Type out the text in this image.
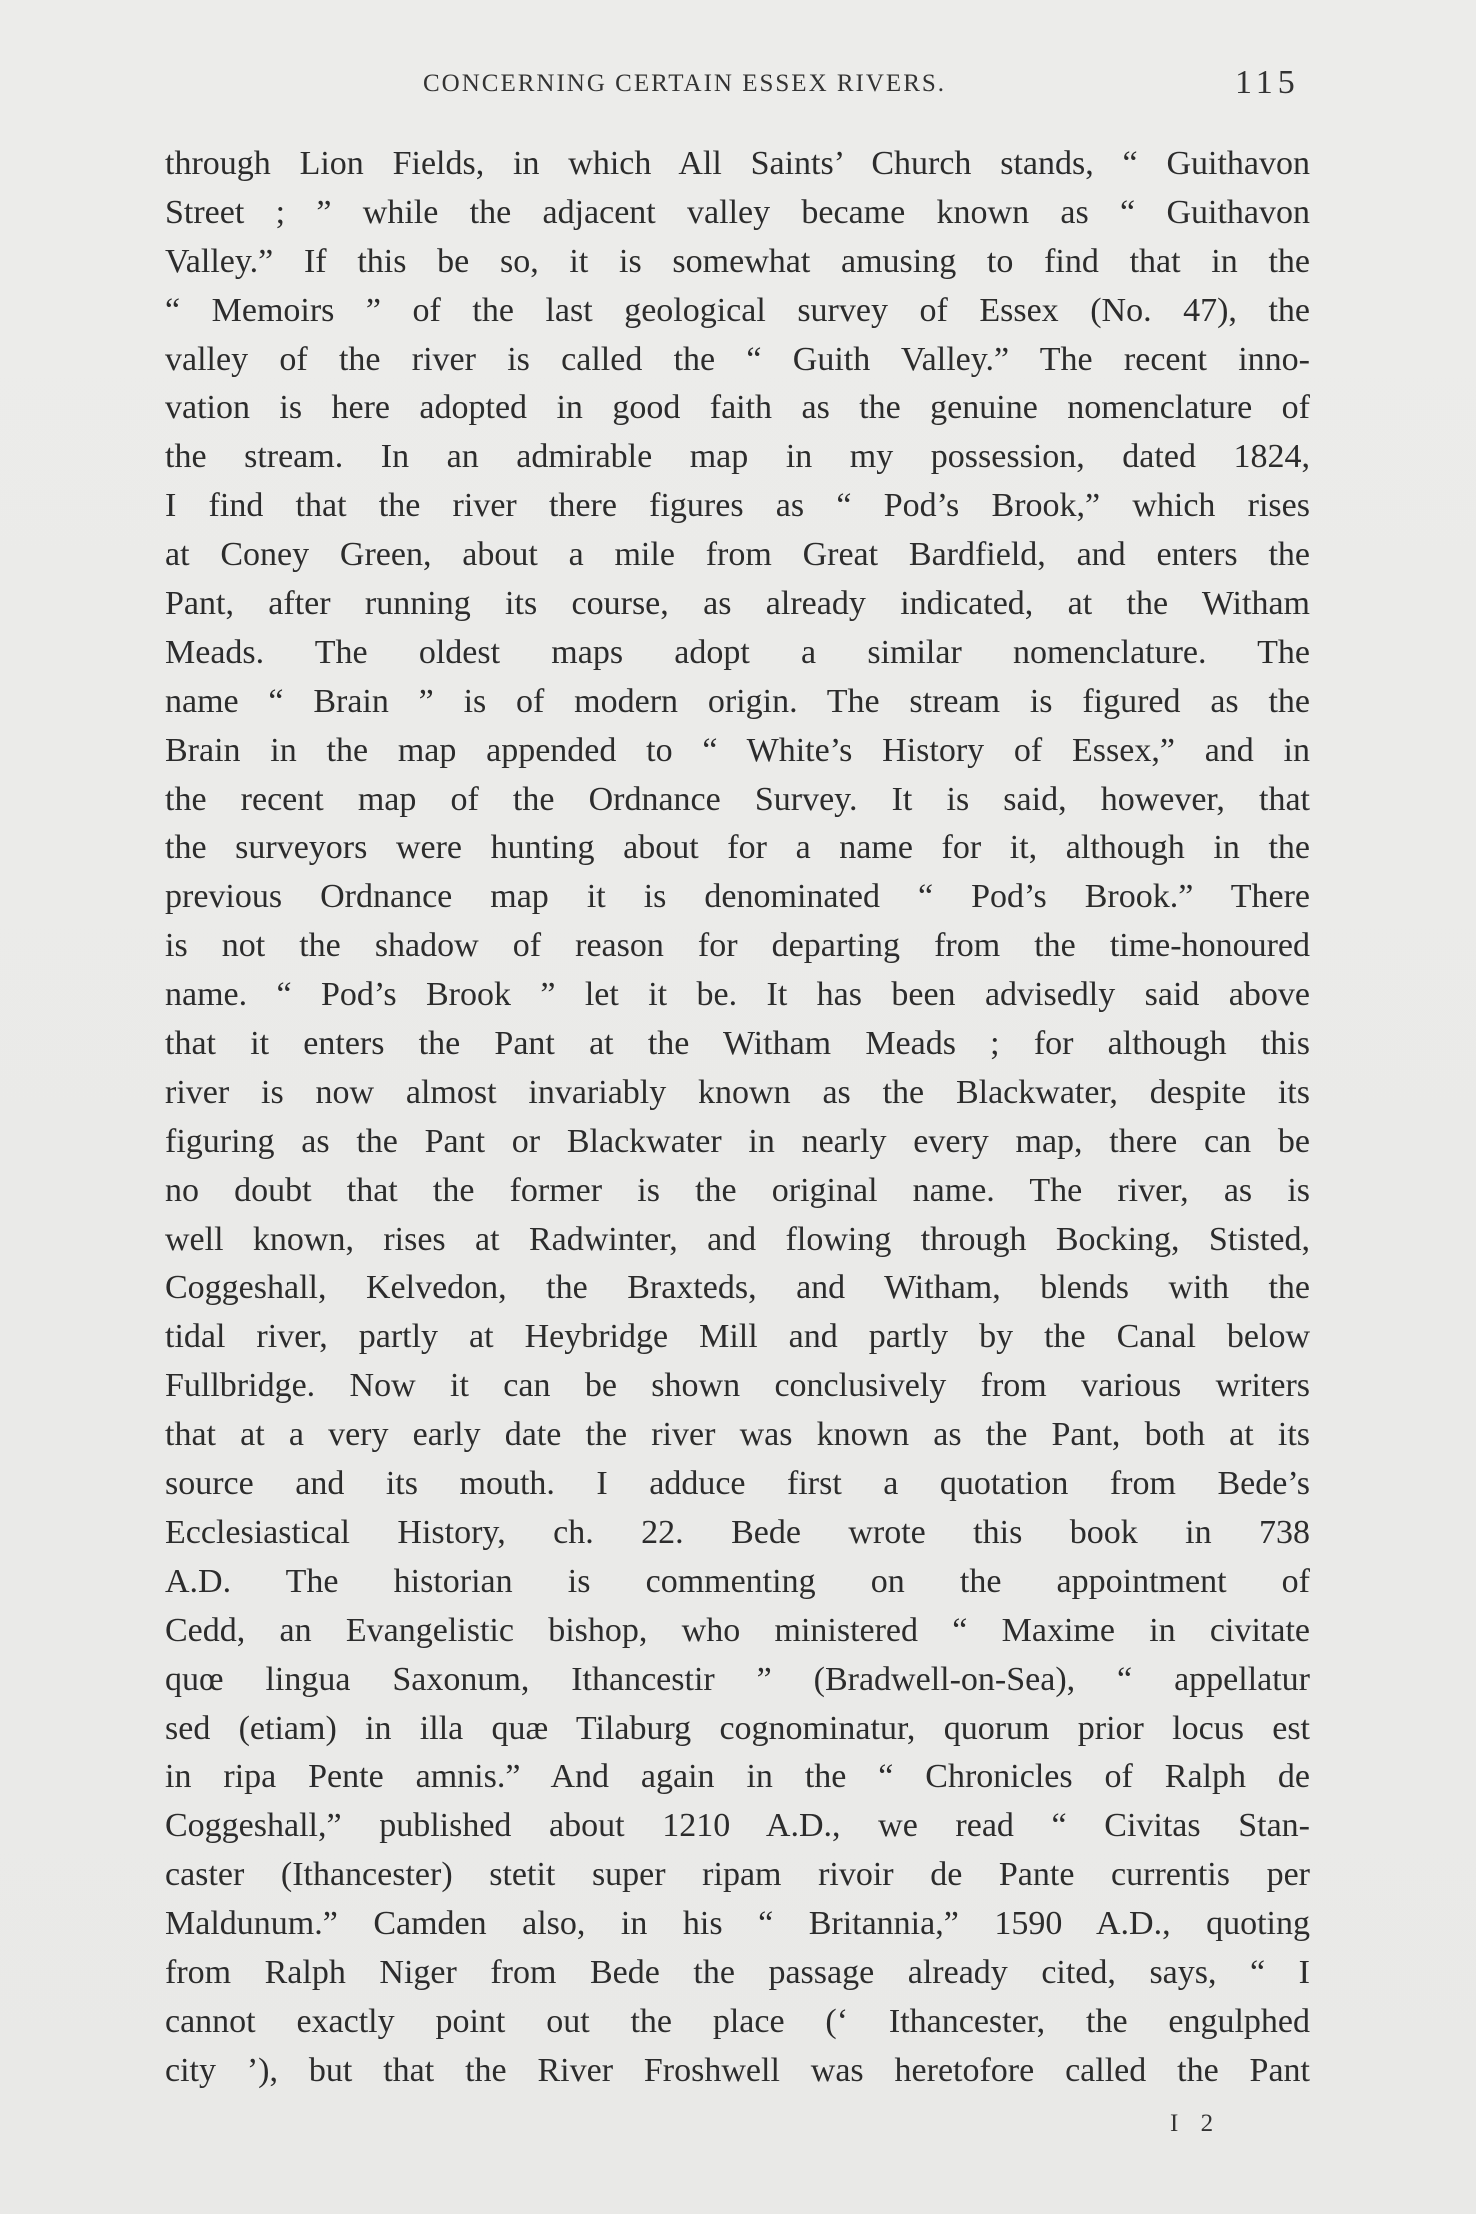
CONCERNING CERTAIN ESSEX RIVERS.	115
through Lion Fields, in which All Saints’ Church stands, “ Guithavon
Street ; ” while the adjacent valley became known as “ Guithavon
Valley.” If this be so, it is somewhat amusing to find that in the
“ Memoirs ” of the last geological survey of Essex (No. 47), the
valley of the river is called the “ Guith Valley.” The recent inno-
vation is here adopted in good faith as the genuine nomenclature of
the stream. In an admirable map in my possession, dated 1824,
I find that the river there figures as “ Pod’s Brook,” which rises
at Coney Green, about a mile from Great Bardfield, and enters the
Pant, after running its course, as already indicated, at the Witham
Meads. The oldest maps adopt a similar nomenclature. The
name “ Brain ” is of modern origin. The stream is figured as the
Brain in the map appended to “ White’s History of Essex,” and in
the recent map of the Ordnance Survey. It is said, however, that
the surveyors were hunting about for a name for it, although in the
previous Ordnance map it is denominated “ Pod’s Brook.” There
is not the shadow of reason for departing from the time-honoured
name. “ Pod’s Brook ” let it be. It has been advisedly said above
that it enters the Pant at the Witham Meads ; for although this
river is now almost invariably known as the Blackwater, despite its
figuring as the Pant or Blackwater in nearly every map, there can be
no doubt that the former is the original name. The river, as is
well known, rises at Radwinter, and flowing through Bocking, Stisted,
Coggeshall, Kelvedon, the Braxteds, and Witham, blends with the
tidal river, partly at Heybridge Mill and partly by the Canal below
Fullbridge. Now it can be shown conclusively from various writers
that at a very early date the river was known as the Pant, both at its
source and its mouth. I adduce first a quotation from Bede’s
Ecclesiastical History, ch. 22. Bede wrote this book in 738
A.D. The historian is commenting on the appointment of
Cedd, an Evangelistic bishop, who ministered “ Maxime in civitate
quœ lingua Saxonum, Ithancestir ” (Bradwell-on-Sea), “ appellatur
sed (etiam) in illa quæ Tilaburg cognominatur, quorum prior locus est
in ripa Pente amnis.” And again in the “ Chronicles of Ralph de
Coggeshall,” published about 1210 A.D., we read “ Civitas Stan-
caster (Ithancester) stetit super ripam rivoir de Pante currentis per
Maldunum.” Camden also, in his “ Britannia,” 1590 A.D., quoting
from Ralph Niger from Bede the passage already cited, says, “ I
cannot exactly point out the place (‘ Ithancester, the engulphed
city ’), but that the River Froshwell was heretofore called the Pant
I 2
